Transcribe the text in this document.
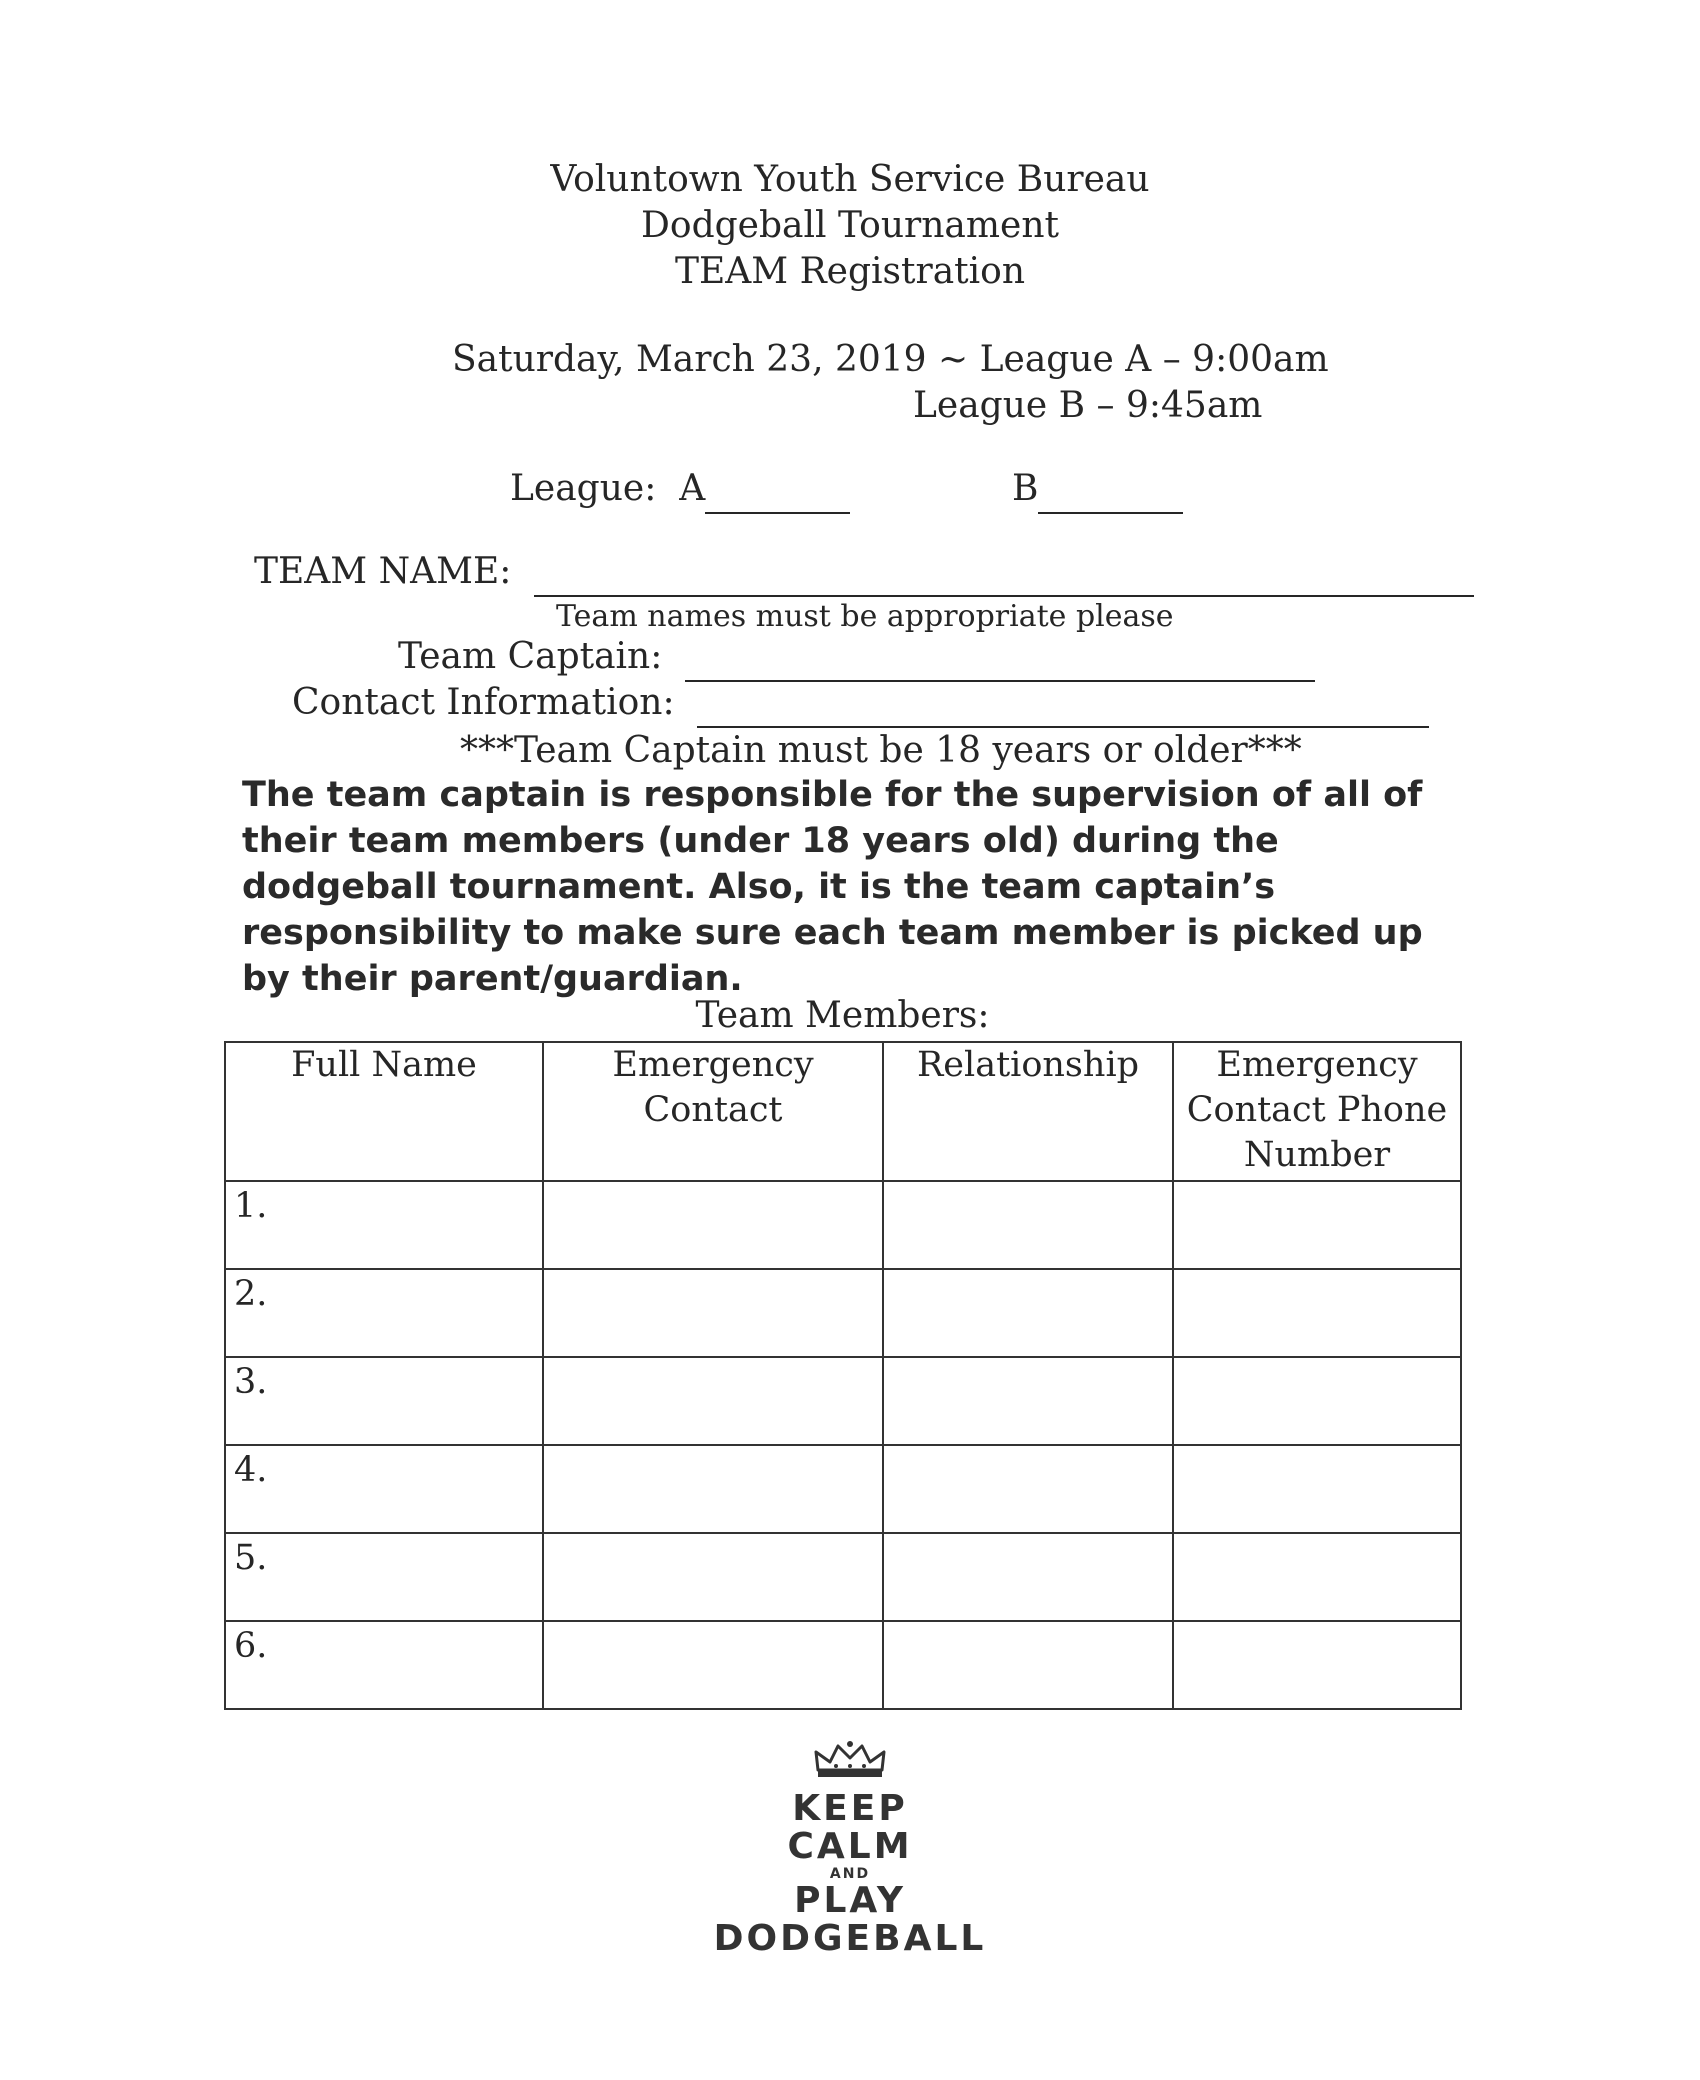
Voluntown Youth Service Bureau
Dodgeball Tournament
TEAM Registration
Saturday, March 23, 2019 ~ League A – 9:00am
League B – 9:45am
League: A	B
TEAM NAME:
Team names must be appropriate please
Team Captain:
Contact Information:
***Team Captain must be 18 years or older***
The team captain is responsible for the supervision of all of their team members (under 18 years old) during the dodgeball tournament. Also, it is the team captain’s responsibility to make sure each team member is picked up by their parent/guardian.
Team Members:
Full Name	Emergency Contact	Relationship	Emergency Contact Phone Number
1.			
2.			
3.			
4.			
5.			
6.			
KEEP
CALM
AND
PLAY
DODGEBALL
